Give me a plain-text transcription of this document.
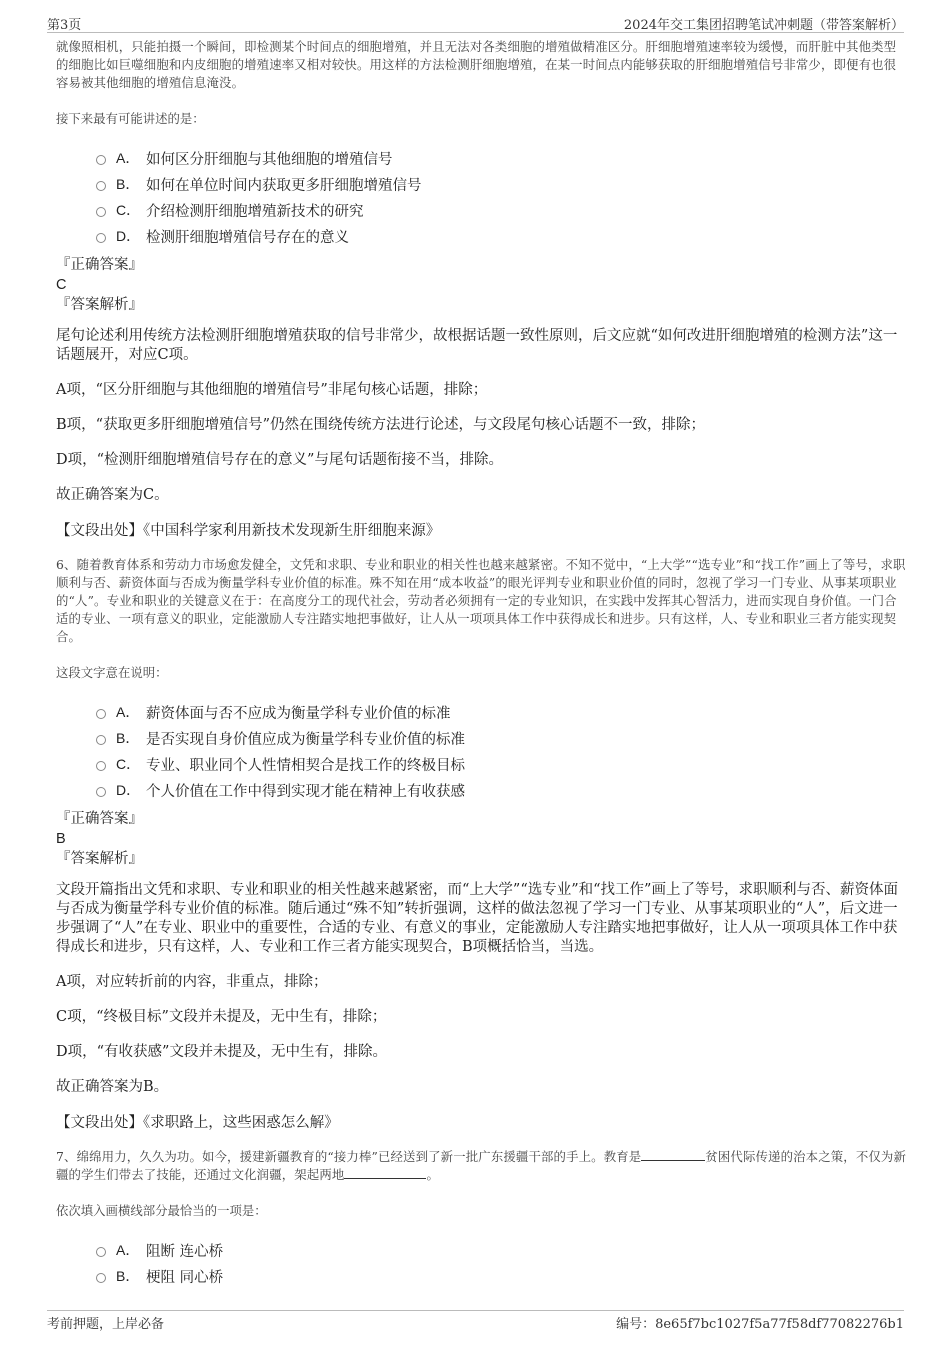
第3页	2024年交工集团招聘笔试冲刺题（带答案解析）

就像照相机，只能拍摄一个瞬间，即检测某个时间点的细胞增殖，并且无法对各类细胞的增殖做精准区分。肝细胞增殖速率较为缓慢，而肝脏中其他类型的细胞比如巨噬细胞和内皮细胞的增殖速率又相对较快。用这样的方法检测肝细胞增殖，在某一时间点内能够获取的肝细胞增殖信号非常少，即便有也很容易被其他细胞的增殖信息淹没。

接下来最有可能讲述的是：

A． 如何区分肝细胞与其他细胞的增殖信号
B． 如何在单位时间内获取更多肝细胞增殖信号
C． 介绍检测肝细胞增殖新技术的研究
D． 检测肝细胞增殖信号存在的意义
『正确答案』
C
『答案解析』

尾句论述利用传统方法检测肝细胞增殖获取的信号非常少，故根据话题一致性原则，后文应就“如何改进肝细胞增殖的检测方法”这一话题展开，对应C项。

A项，“区分肝细胞与其他细胞的增殖信号”非尾句核心话题，排除；

B项，“获取更多肝细胞增殖信号”仍然在围绕传统方法进行论述，与文段尾句核心话题不一致，排除；

D项，“检测肝细胞增殖信号存在的意义”与尾句话题衔接不当，排除。

故正确答案为C。

【文段出处】《中国科学家利用新技术发现新生肝细胞来源》

6、随着教育体系和劳动力市场愈发健全，文凭和求职、专业和职业的相关性也越来越紧密。不知不觉中，“上大学”“选专业”和“找工作”画上了等号，求职顺利与否、薪资体面与否成为衡量学科专业价值的标准。殊不知在用“成本收益”的眼光评判专业和职业价值的同时，忽视了学习一门专业、从事某项职业的“人”。专业和职业的关键意义在于：在高度分工的现代社会，劳动者必须拥有一定的专业知识，在实践中发挥其心智活力，进而实现自身价值。一门合适的专业、一项有意义的职业，定能激励人专注踏实地把事做好，让人从一项项具体工作中获得成长和进步。只有这样，人、专业和职业三者方能实现契合。

这段文字意在说明：

A． 薪资体面与否不应成为衡量学科专业价值的标准
B． 是否实现自身价值应成为衡量学科专业价值的标准
C． 专业、职业同个人性情相契合是找工作的终极目标
D． 个人价值在工作中得到实现才能在精神上有收获感
『正确答案』
B
『答案解析』

文段开篇指出文凭和求职、专业和职业的相关性越来越紧密，而“上大学”“选专业”和“找工作”画上了等号，求职顺利与否、薪资体面与否成为衡量学科专业价值的标准。随后通过“殊不知”转折强调，这样的做法忽视了学习一门专业、从事某项职业的“人”，后文进一步强调了“人”在专业、职业中的重要性，合适的专业、有意义的事业，定能激励人专注踏实地把事做好，让人从一项项具体工作中获得成长和进步，只有这样，人、专业和工作三者方能实现契合，B项概括恰当，当选。

A项，对应转折前的内容，非重点，排除；

C项，“终极目标”文段并未提及，无中生有，排除；

D项，“有收获感”文段并未提及，无中生有，排除。

故正确答案为B。

【文段出处】《求职路上，这些困惑怎么解》

7、绵绵用力，久久为功。如今，援建新疆教育的“接力棒”已经送到了新一批广东援疆干部的手上。教育是	贫困代际传递的治本之策，不仅为新疆的学生们带去了技能，还通过文化润疆，架起两地	。

依次填入画横线部分最恰当的一项是：

A． 阻断 连心桥
B． 梗阻 同心桥
考前押题，上岸必备	编号：8e65f7bc1027f5a77f58df77082276b1
